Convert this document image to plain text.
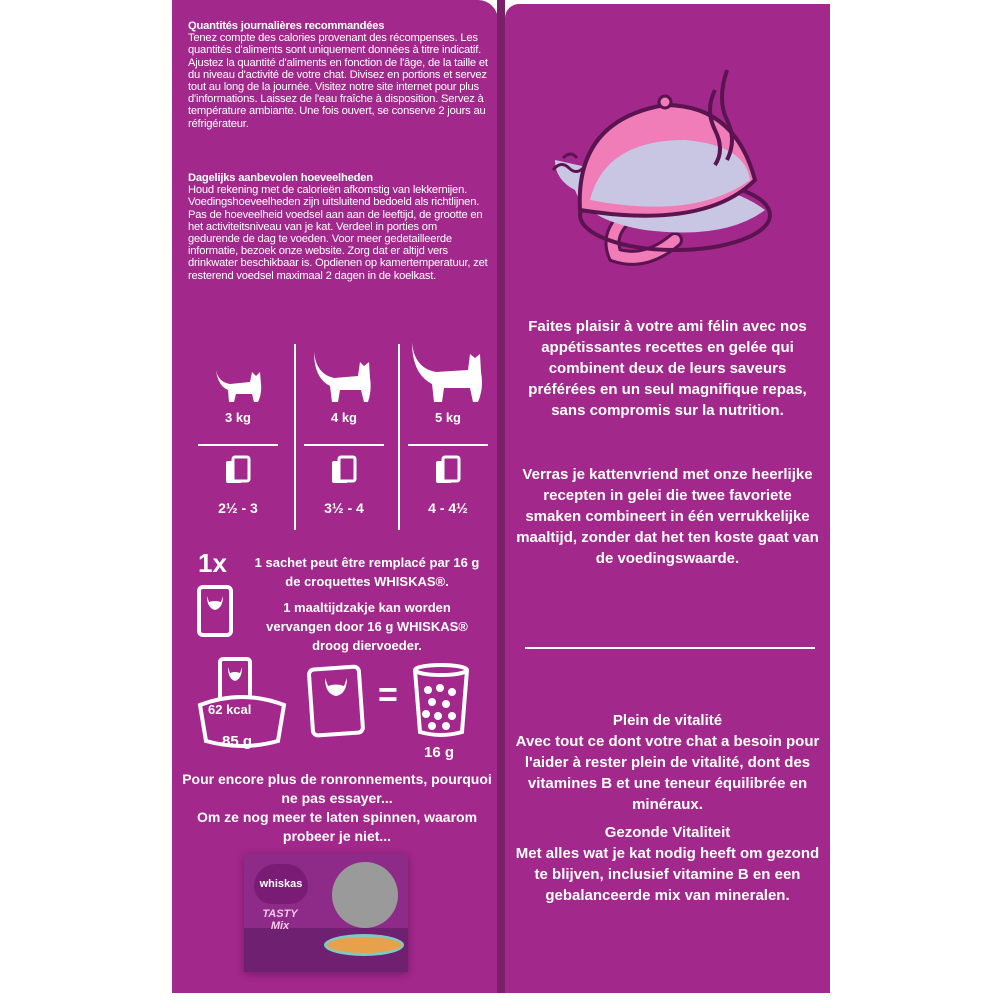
Quantités journalières recommandées
Tenez compte des calories provenant des récompenses. Les quantités d'aliments sont uniquement données à titre indicatif. Ajustez la quantité d'aliments en fonction de l'âge, de la taille et du niveau d'activité de votre chat. Divisez en portions et servez tout au long de la journée. Visitez notre site internet pour plus d'informations. Laissez de l'eau fraîche à disposition. Servez à température ambiante. Une fois ouvert, se conserve 2 jours au réfrigérateur.
Dagelijks aanbevolen hoeveelheden
Houd rekening met de calorieën afkomstig van lekkernijen. Voedingshoeveelheden zijn uitsluitend bedoeld als richtlijnen. Pas de hoeveelheid voedsel aan aan de leeftijd, de grootte en het activiteitsniveau van je kat. Verdeel in porties om gedurende de dag te voeden. Voor meer gedetailleerde informatie, bezoek onze website. Zorg dat er altijd vers drinkwater beschikbaar is. Opdienen op kamertemperatuur, zet resterend voedsel maximaal 2 dagen in de koelkast.
3 kg
2½ - 3
4 kg
3½ - 4
5 kg
4 - 4½
1x 1 sachet peut être remplacé par 16 g de croquettes WHISKAS®.
1 maaltijdzakje kan worden vervangen door 16 g WHISKAS® droog diervoeder.
62 kcal
85 g
=
16 g
Pour encore plus de ronronnements, pourquoi ne pas essayer...
Om ze nog meer te laten spinnen, waarom probeer je niet...
whiskas
TASTY Mix
Faites plaisir à votre ami félin avec nos appétissantes recettes en gelée qui combinent deux de leurs saveurs préférées en un seul magnifique repas, sans compromis sur la nutrition.
Verras je kattenvriend met onze heerlijke recepten in gelei die twee favoriete smaken combineert in één verrukkelijke maaltijd, zonder dat het ten koste gaat van de voedingswaarde.
Plein de vitalité
Avec tout ce dont votre chat a besoin pour l'aider à rester plein de vitalité, dont des vitamines B et une teneur équilibrée en minéraux.
Gezonde Vitaliteit
Met alles wat je kat nodig heeft om gezond te blijven, inclusief vitamine B en een gebalanceerde mix van mineralen.
